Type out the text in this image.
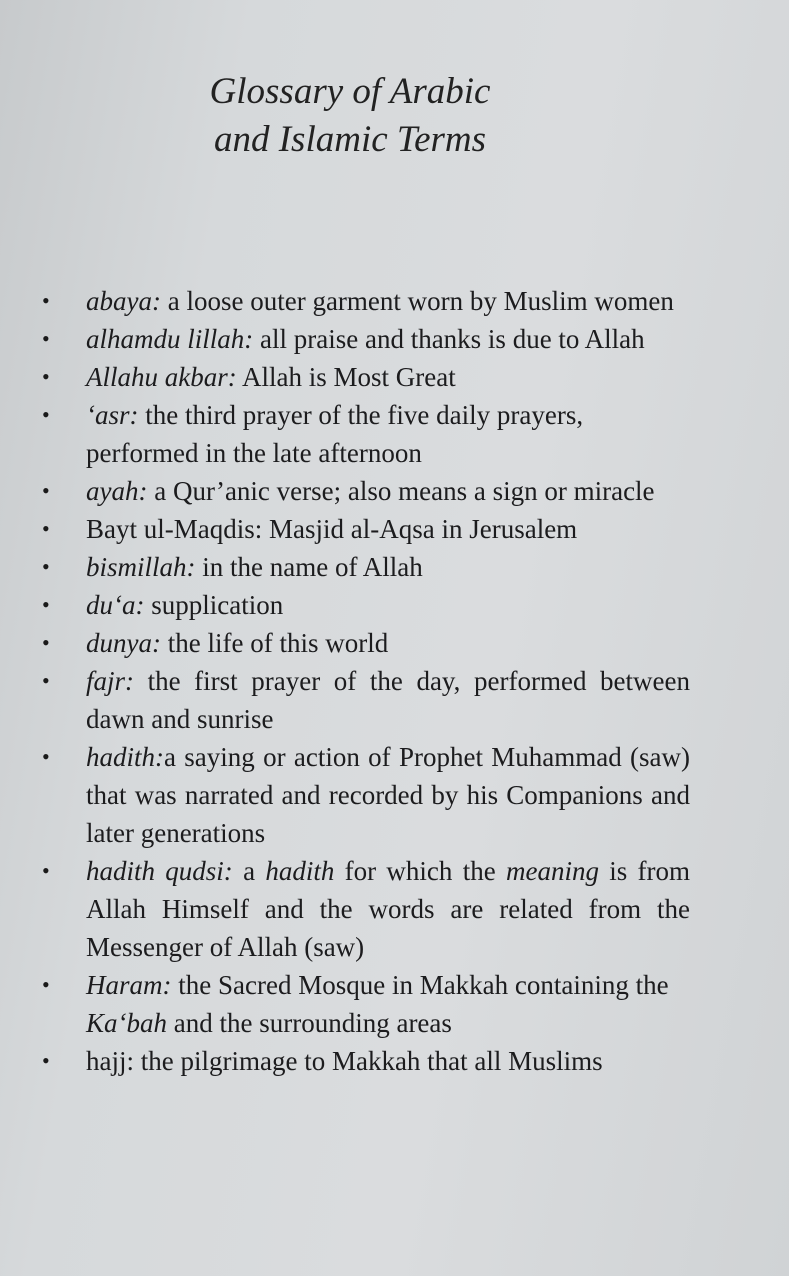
Glossary of Arabic
and Islamic Terms
• abaya: a loose outer garment worn by Muslim women
• alhamdu lillah: all praise and thanks is due to Allah
• Allahu akbar: Allah is Most Great
• ‘asr: the third prayer of the five daily prayers, performed in the late afternoon
• ayah: a Qur’anic verse; also means a sign or miracle
• Bayt ul-Maqdis: Masjid al-Aqsa in Jerusalem
• bismillah: in the name of Allah
• du‘a: supplication
• dunya: the life of this world
• fajr: the first prayer of the day, performed between dawn and sunrise
• hadith:a saying or action of Prophet Muhammad (saw) that was narrated and recorded by his Companions and later generations
• hadith qudsi: a hadith for which the meaning is from Allah Himself and the words are related from the Messenger of Allah (saw)
• Haram: the Sacred Mosque in Makkah containing the Ka‘bah and the surrounding areas
• hajj: the pilgrimage to Makkah that all Muslims
